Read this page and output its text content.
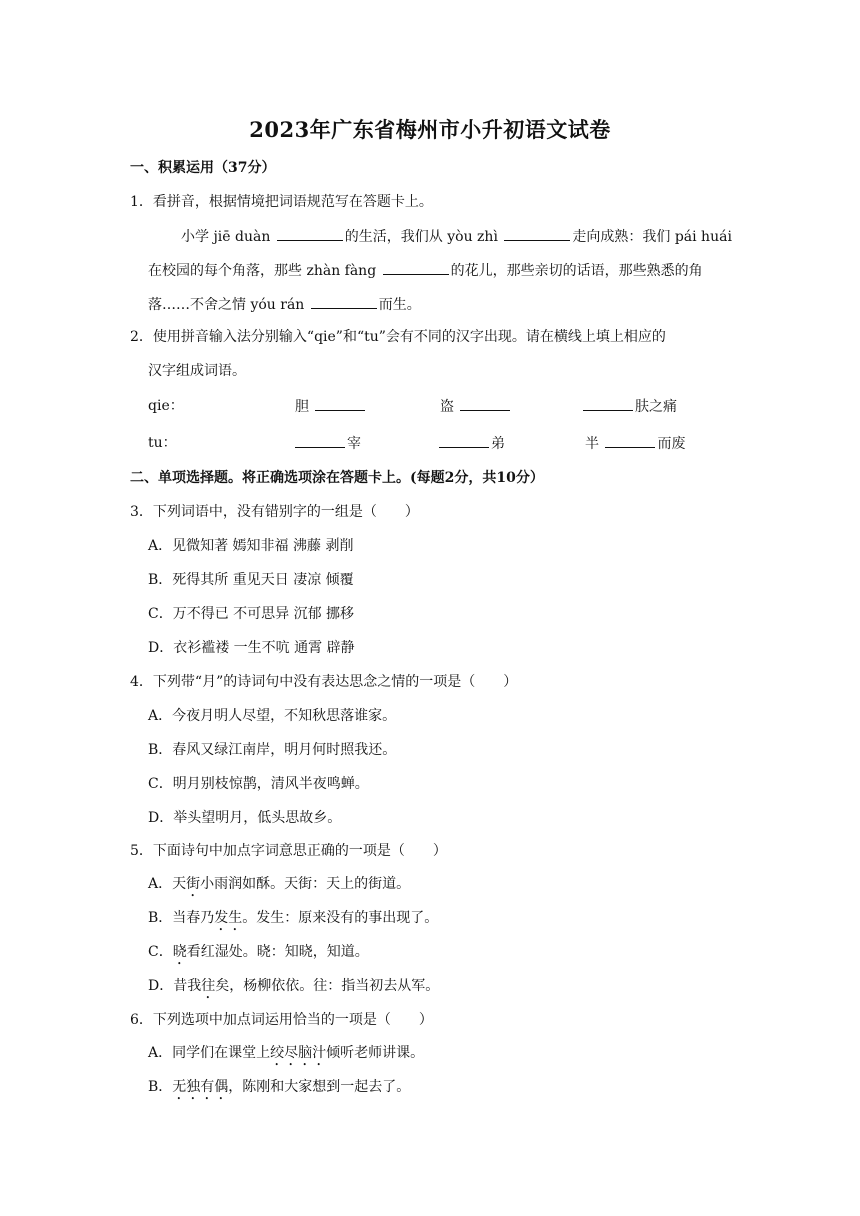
2023年广东省梅州市小升初语文试卷
一、积累运用（37分）
1．看拼音，根据情境把词语规范写在答题卡上。
小学 jiē duàn	的生活，我们从 yòu zhì	走向成熟：我们 pái huái
在校园的每个角落，那些 zhàn fàng	的花儿，那些亲切的话语，那些熟悉的角
落……不舍之情 yóu rán	而生。
2．使用拼音输入法分别输入“qie”和“tu”会有不同的汉字出现。请在横线上填上相应的
汉字组成词语。
qie：	胆	盗	肤之痛
tu：	宰	弟	半	而废
二、单项选择题。将正确选项涂在答题卡上。(每题2分，共10分）
3．下列词语中，没有错别字的一组是（　　）
A．见微知著 嫣知非福 沸藤 剥削
B．死得其所 重见天日 凄凉 倾覆
C．万不得已 不可思异 沉郁 挪移
D．衣衫褴褛 一生不吭 通霄 辟静
4．下列带“月”的诗词句中没有表达思念之情的一项是（　　）
A．今夜月明人尽望，不知秋思落谁家。
B．春风又绿江南岸，明月何时照我还。
C．明月别枝惊鹊，清风半夜鸣蝉。
D．举头望明月，低头思故乡。
5．下面诗句中加点字词意思正确的一项是（　　）
A．天街小雨润如酥。天街：天上的街道。
B．当春乃发生。发生：原来没有的事出现了。
C．晓看红湿处。晓：知晓，知道。
D．昔我往矣，杨柳依依。往：指当初去从军。
6．下列选项中加点词运用恰当的一项是（　　）
A．同学们在课堂上绞尽脑汁倾听老师讲课。
B．无独有偶，陈刚和大家想到一起去了。
